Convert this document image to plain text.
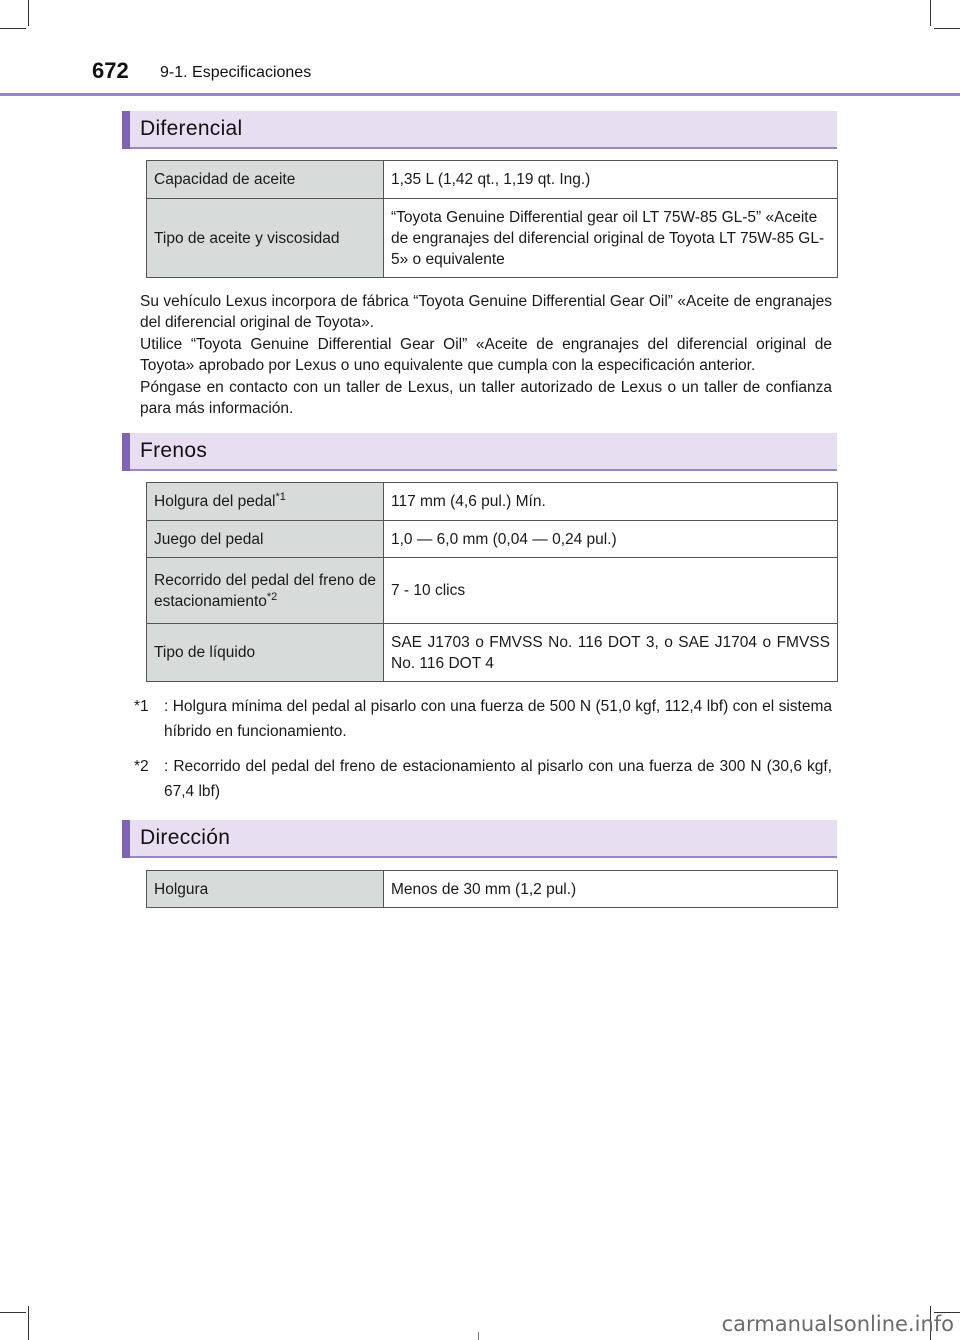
672 9-1. Especificaciones
Diferencial
Capacidad de aceite	1,35 L (1,42 qt., 1,19 qt. Ing.)
Tipo de aceite y viscosidad	“Toyota Genuine Differential gear oil LT 75W-85 GL-5” «Aceite de engranajes del diferencial original de Toyota LT 75W-85 GL-5» o equivalente
Su vehículo Lexus incorpora de fábrica “Toyota Genuine Differential Gear Oil” «Aceite de engranajes del diferencial original de Toyota».
Utilice “Toyota Genuine Differential Gear Oil” «Aceite de engranajes del diferencial original de Toyota» aprobado por Lexus o uno equivalente que cumpla con la especificación anterior.
Póngase en contacto con un taller de Lexus, un taller autorizado de Lexus o un taller de confianza para más información.
Frenos
Holgura del pedal$^{*1}$	117 mm (4,6 pul.) Mín.
Juego del pedal	1,0 — 6,0 mm (0,04 — 0,24 pul.)
Recorrido del pedal del freno de estacionamiento$^{*2}$	7 - 10 clics
Tipo de líquido	SAE J1703 o FMVSS No. 116 DOT 3, o SAE J1704 o FMVSS No. 116 DOT 4
*1 : Holgura mínima del pedal al pisarlo con una fuerza de 500 N (51,0 kgf, 112,4 lbf) con el sistema híbrido en funcionamiento.
*2 : Recorrido del pedal del freno de estacionamiento al pisarlo con una fuerza de 300 N (30,6 kgf, 67,4 lbf)
Dirección
Holgura	Menos de 30 mm (1,2 pul.)
carmanualsonline.info
